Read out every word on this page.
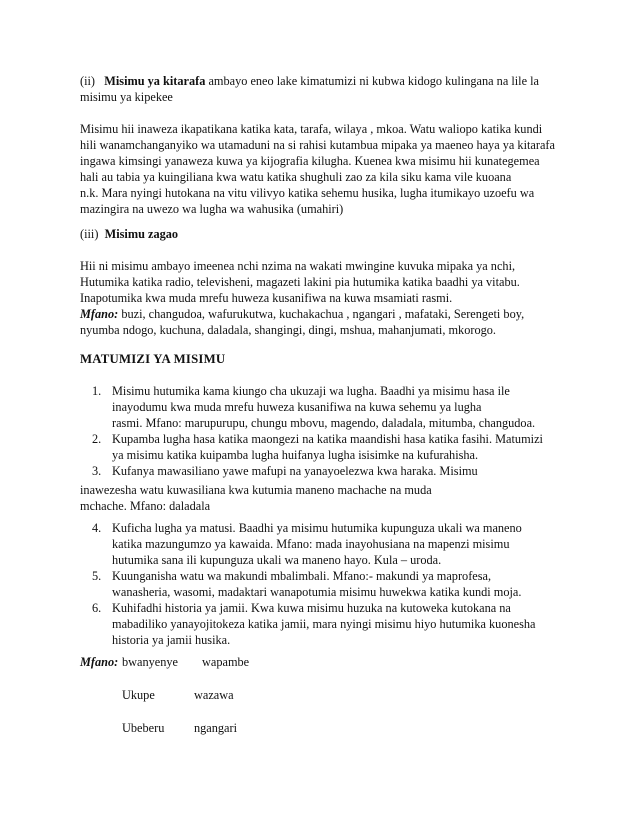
(ii) Misimu ya kitarafa ambayo eneo lake kimatumizi ni kubwa kidogo kulingana na lile la
misimu ya kipekee
Misimu hii inaweza ikapatikana katika kata, tarafa, wilaya , mkoa. Watu waliopo katika kundi
hili wanamchanganyiko wa utamaduni na si rahisi kutambua mipaka ya maeneo haya ya kitarafa
ingawa kimsingi yanaweza kuwa ya kijografia kilugha. Kuenea kwa misimu hii kunategemea
hali au tabia ya kuingiliana kwa watu katika shughuli zao za kila siku kama vile kuoana
n.k. Mara nyingi hutokana na vitu vilivyo katika sehemu husika, lugha itumikayo uzoefu wa
mazingira na uwezo wa lugha wa wahusika (umahiri)
(iii) Misimu zagao
Hii ni misimu ambayo imeenea nchi nzima na wakati mwingine kuvuka mipaka ya nchi,
Hutumika katika radio, televisheni, magazeti lakini pia hutumika katika baadhi ya vitabu.
Inapotumika kwa muda mrefu huweza kusanifiwa na kuwa msamiati rasmi.
Mfano: buzi, changudoa, wafurukutwa, kuchakachua , ngangari , mafataki, Serengeti boy,
nyumba ndogo, kuchuna, daladala, shangingi, dingi, mshua, mahanjumati, mkorogo.
MATUMIZI YA MISIMU
1. Misimu hutumika kama kiungo cha ukuzaji wa lugha. Baadhi ya misimu hasa ile
inayodumu kwa muda mrefu huweza kusanifiwa na kuwa sehemu ya lugha
rasmi. Mfano: marupurupu, chungu mbovu, magendo, daladala, mitumba, changudoa.
2. Kupamba lugha hasa katika maongezi na katika maandishi hasa katika fasihi. Matumizi
ya misimu katika kuipamba lugha huifanya lugha isisimke na kufurahisha.
3. Kufanya mawasiliano yawe mafupi na yanayoelezwa kwa haraka. Misimu
inawezesha watu kuwasiliana kwa kutumia maneno machache na muda
mchache. Mfano: daladala
4. Kuficha lugha ya matusi. Baadhi ya misimu hutumika kupunguza ukali wa maneno
katika mazungumzo ya kawaida. Mfano: mada inayohusiana na mapenzi misimu
hutumika sana ili kupunguza ukali wa maneno hayo. Kula – uroda.
5. Kuunganisha watu wa makundi mbalimbali. Mfano:- makundi ya maprofesa,
wanasheria, wasomi, madaktari wanapotumia misimu huwekwa katika kundi moja.
6. Kuhifadhi historia ya jamii. Kwa kuwa misimu huzuka na kutoweka kutokana na
mabadiliko yanayojitokeza katika jamii, mara nyingi misimu hiyo hutumika kuonesha
historia ya jamii husika.
Mfano: bwanyenye wapambe
Ukupe	wazawa
Ubeberu ngangari
